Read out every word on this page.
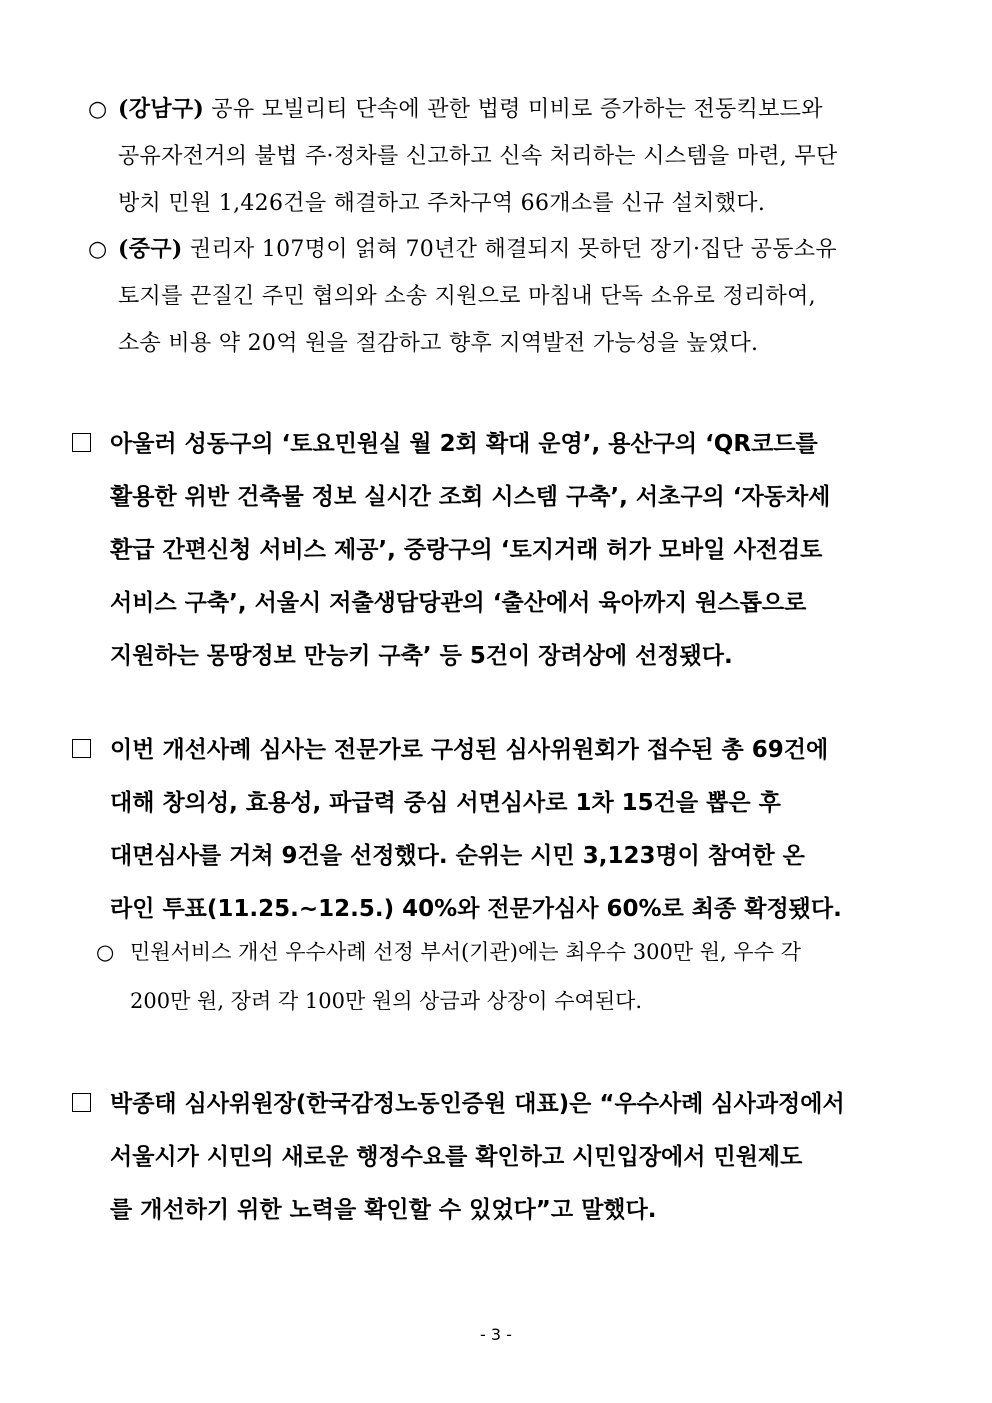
○ (강남구) 공유 모빌리티 단속에 관한 법령 미비로 증가하는 전동킥보드와
공유자전거의 불법 주·정차를 신고하고 신속 처리하는 시스템을 마련, 무단
방치 민원 1,426건을 해결하고 주차구역 66개소를 신규 설치했다.
○ (중구) 권리자 107명이 얽혀 70년간 해결되지 못하던 장기·집단 공동소유
토지를 끈질긴 주민 협의와 소송 지원으로 마침내 단독 소유로 정리하여,
소송 비용 약 20억 원을 절감하고 향후 지역발전 가능성을 높였다.
아울러 성동구의 ‘토요민원실 월 2회 확대 운영’, 용산구의 ‘QR코드를
활용한 위반 건축물 정보 실시간 조회 시스템 구축’, 서초구의 ‘자동차세
환급 간편신청 서비스 제공’, 중랑구의 ‘토지거래 허가 모바일 사전검토
서비스 구축’, 서울시 저출생담당관의 ‘출산에서 육아까지 원스톱으로
지원하는 몽땅정보 만능키 구축’ 등 5건이 장려상에 선정됐다.
이번 개선사례 심사는 전문가로 구성된 심사위원회가 접수된 총 69건에
대해 창의성, 효용성, 파급력 중심 서면심사로 1차 15건을 뽑은 후
대면심사를 거쳐 9건을 선정했다. 순위는 시민 3,123명이 참여한 온
라인 투표(11.25.~12.5.) 40%와 전문가심사 60%로 최종 확정됐다.
○ 민원서비스 개선 우수사례 선정 부서(기관)에는 최우수 300만 원, 우수 각
200만 원, 장려 각 100만 원의 상금과 상장이 수여된다.
박종태 심사위원장(한국감정노동인증원 대표)은 “우수사례 심사과정에서
서울시가 시민의 새로운 행정수요를 확인하고 시민입장에서 민원제도
를 개선하기 위한 노력을 확인할 수 있었다”고 말했다.
- 3 -
